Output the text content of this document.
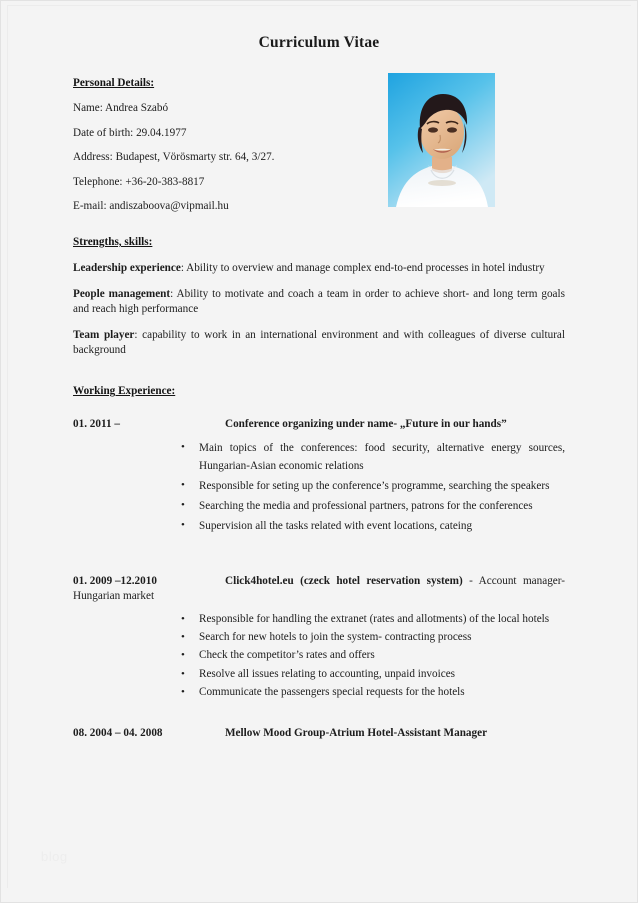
Curriculum Vitae
Personal Details:

Name: Andrea Szabó

Date of birth: 29.04.1977

Address: Budapest, Vörösmarty str. 64, 3/27.

Telephone: +36-20-383-8817

E-mail: andiszaboova@vipmail.hu

Strengths, skills:

Leadership experience: Ability to overview and manage complex end-to-end processes in hotel industry

People management: Ability to motivate and coach a team in order to achieve short- and long term goals and reach high performance

Team player: capability to work in an international environment and with colleagues of diverse cultural background

Working Experience:
01. 2011 –	Conference organizing under name- „Future in our hands”
• Main topics of the conferences: food security, alternative energy sources, Hungarian-Asian economic relations
• Responsible for seting up the conference’s programme, searching the speakers
• Searching the media and professional partners, patrons for the conferences
• Supervision all the tasks related with event locations, cateing
01. 2009 –12.2010	Click4hotel.eu (czeck hotel reservation system) - Account manager- Hungarian market
• Responsible for handling the extranet (rates and allotments) of the local hotels
• Search for new hotels to join the system- contracting process
• Check the competitor’s rates and offers
• Resolve all issues relating to accounting, unpaid invoices
• Communicate the passengers special requests for the hotels
08. 2004 – 04. 2008	Mellow Mood Group-Atrium Hotel-Assistant Manager
blog
